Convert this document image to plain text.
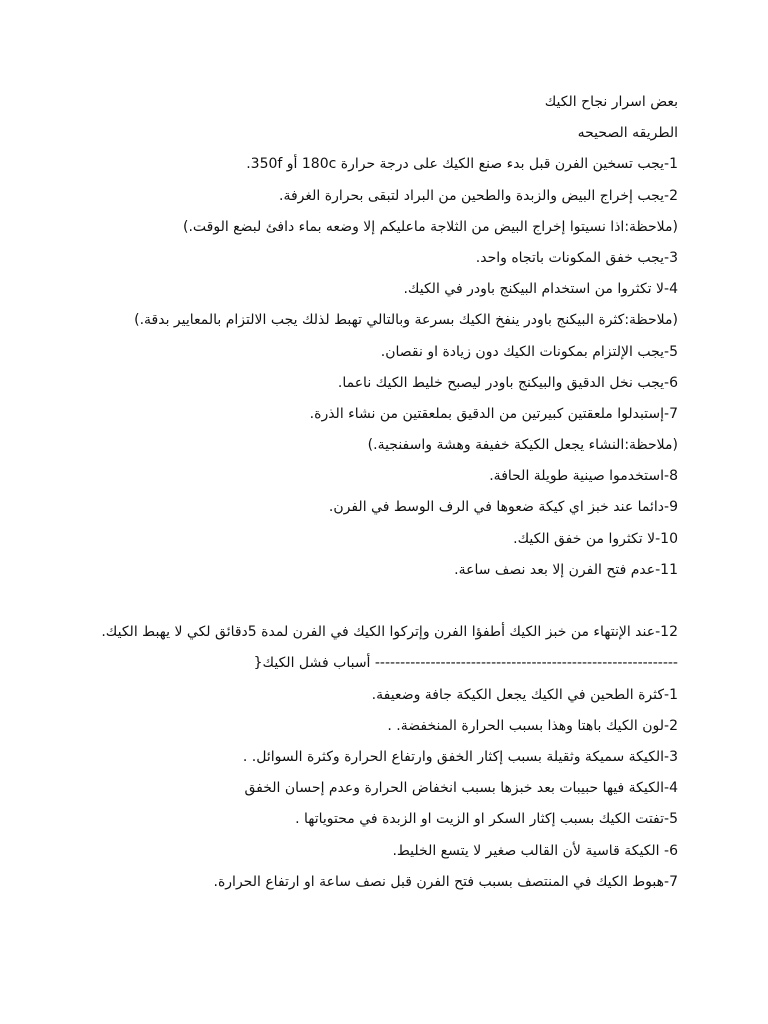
بعض اسرار نجاح الكيك

الطريقه الصحيحه

1-يجب تسخين الفرن قبل بدء صنع الكيك على درجة حرارة 180c أو 350f.

2-يجب إخراج البيض والزبدة والطحين من البراد لتبقى بحرارة الغرفة.

(ملاحظة:اذا نسيتوا إخراج البيض من الثلاجة ماعليكم إلا وضعه بماء دافئ لبضع الوقت.)

3-يجب خفق المكونات باتجاه واحد.

4-لا تكثروا من استخدام البيكنج باودر في الكيك.

(ملاحظة:كثرة البيكنج باودر ينفخ الكيك بسرعة وبالتالي تهبط لذلك يجب الالتزام بالمعايير بدقة.)

5-يجب الإلتزام بمكونات الكيك دون زيادة او نقصان.

6-يجب نخل الدقيق والبيكنج باودر ليصبح خليط الكيك ناعما.

7-إستبدلوا ملعقتين كبيرتين من الدقيق بملعقتين من نشاء الذرة.

(ملاحظة:النشاء يجعل الكيكة خفيفة وهشة واسفنجية.)

8-استخدموا صينية طويلة الحافة.

9-دائما عند خبز اي كيكة ضعوها في الرف الوسط في الفرن.

10-لا تكثروا من خفق الكيك.

11-عدم فتح الفرن إلا بعد نصف ساعة.

12-عند الإنتهاء من خبز الكيك أطفؤا الفرن وإتركوا الكيك في الفرن لمدة 5دقائق لكي لا يهبط الكيك.

------------------------------------------------------------ أسباب فشل الكيك{

1-كثرة الطحين في الكيك يجعل الكيكة جافة وضعيفة.

2-لون الكيك باهتا وهذا بسبب الحرارة المنخفضة. .

3-الكيكة سميكة وثقيلة بسبب إكثار الخفق وارتفاع الحرارة وكثرة السوائل. .

4-الكيكة فيها حبيبات بعد خبزها بسبب انخفاض الحرارة وعدم إحسان الخفق

5-تفتت الكيك بسبب إكثار السكر او الزيت او الزبدة في محتوياتها .

6- الكيكة قاسية لأن القالب صغير لا يتسع الخليط.

7-هبوط الكيك في المنتصف بسبب فتح الفرن قبل نصف ساعة او ارتفاع الحرارة.
